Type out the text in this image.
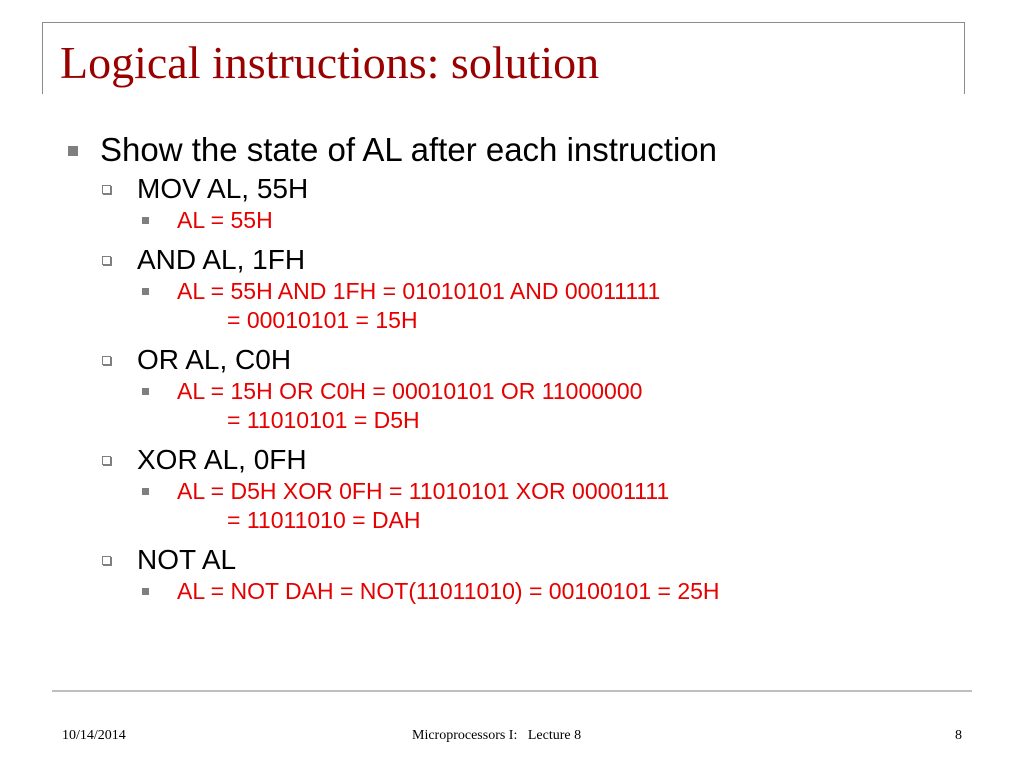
Logical instructions: solution
Show the state of AL after each instruction
MOV AL, 55H
AL = 55H
AND AL, 1FH
AL = 55H AND 1FH = 01010101 AND 00011111
= 00010101 = 15H
OR AL, C0H
AL = 15H OR C0H = 00010101 OR 11000000
= 11010101 = D5H
XOR AL, 0FH
AL = D5H XOR 0FH = 11010101 XOR 00001111
= 11011010 = DAH
NOT AL
AL = NOT DAH = NOT(11011010) = 00100101 = 25H
10/14/2014	Microprocessors I:   Lecture 8	8
